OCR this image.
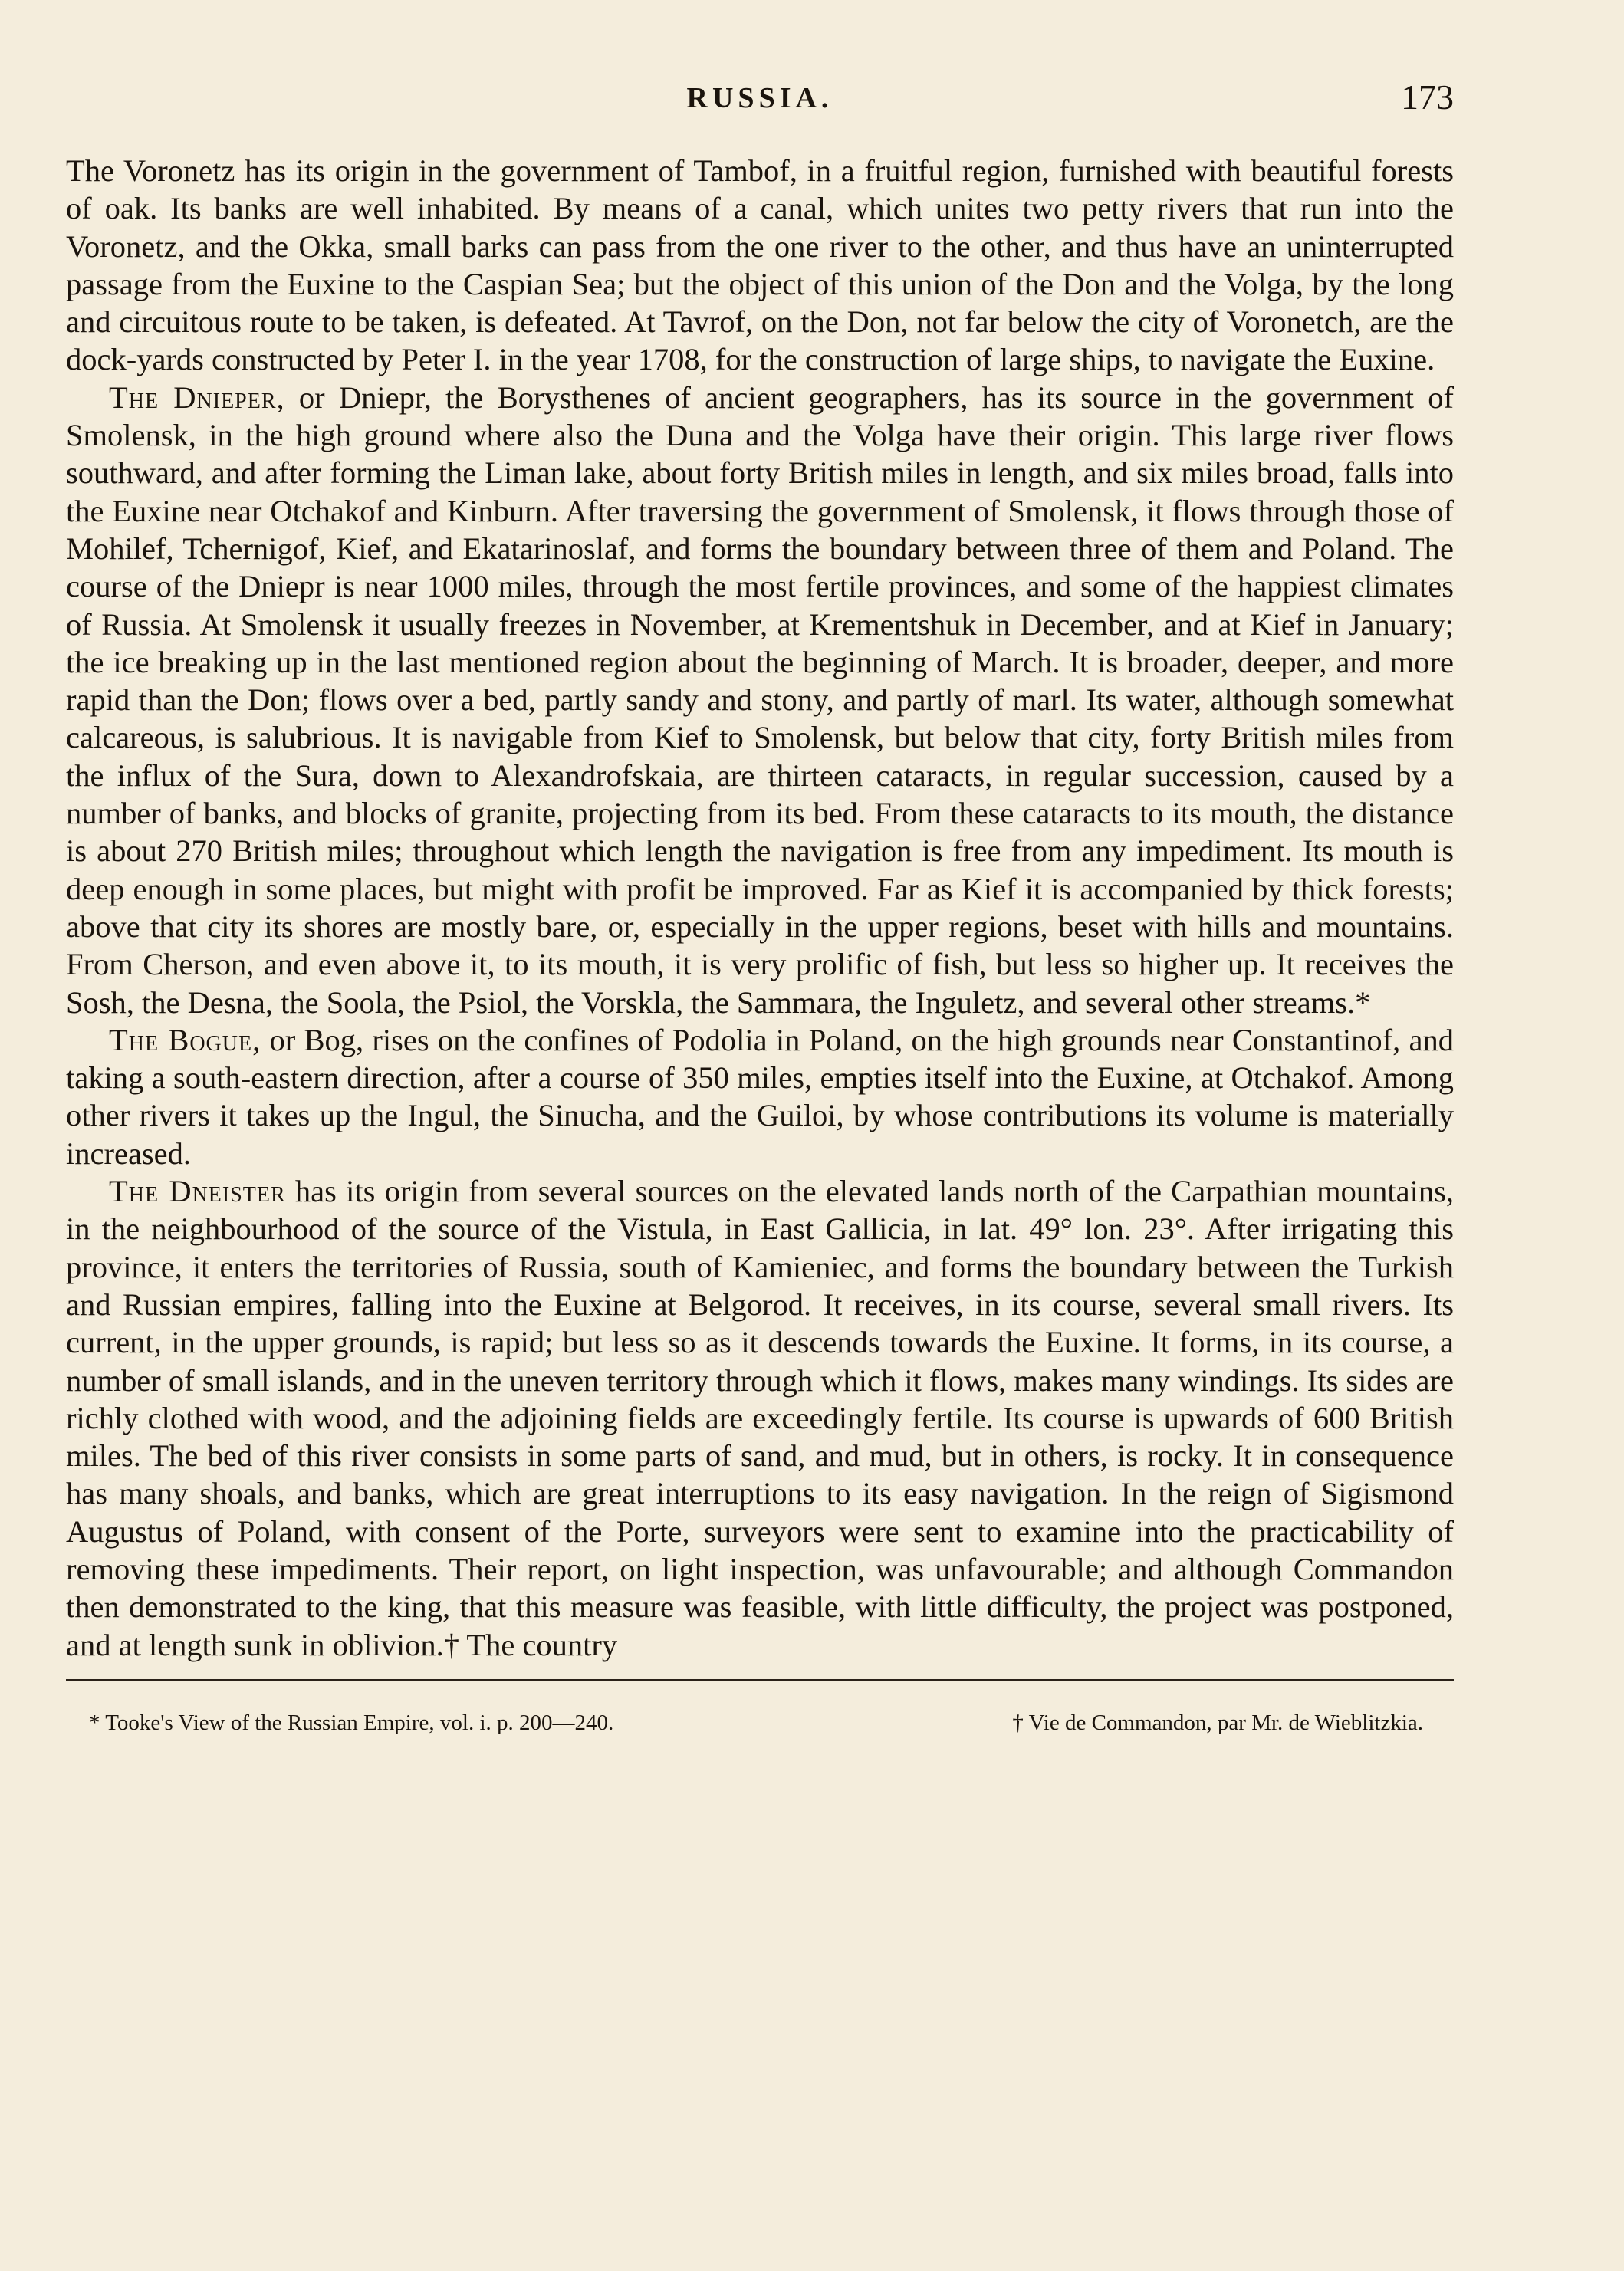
RUSSIA.	173

The Voronetz has its origin in the government of Tambof, in a fruitful region, furnished with beautiful forests of oak. Its banks are well inhabited. By means of a canal, which unites two petty rivers that run into the Voronetz, and the Okka, small barks can pass from the one river to the other, and thus have an uninterrupted passage from the Euxine to the Caspian Sea; but the object of this union of the Don and the Volga, by the long and circuitous route to be taken, is defeated. At Tavrof, on the Don, not far below the city of Voronetch, are the dock-yards constructed by Peter I. in the year 1708, for the construction of large ships, to navigate the Euxine.

The Dnieper, or Dniepr, the Borysthenes of ancient geographers, has its source in the government of Smolensk, in the high ground where also the Duna and the Volga have their origin. This large river flows southward, and after forming the Liman lake, about forty British miles in length, and six miles broad, falls into the Euxine near Otchakof and Kinburn. After traversing the government of Smolensk, it flows through those of Mohilef, Tchernigof, Kief, and Ekatarinoslaf, and forms the boundary between three of them and Poland. The course of the Dniepr is near 1000 miles, through the most fertile provinces, and some of the happiest climates of Russia. At Smolensk it usually freezes in November, at Krementshuk in December, and at Kief in January; the ice breaking up in the last mentioned region about the beginning of March. It is broader, deeper, and more rapid than the Don; flows over a bed, partly sandy and stony, and partly of marl. Its water, although somewhat calcareous, is salubrious. It is navigable from Kief to Smolensk, but below that city, forty British miles from the influx of the Sura, down to Alexandrofskaia, are thirteen cataracts, in regular succession, caused by a number of banks, and blocks of granite, projecting from its bed. From these cataracts to its mouth, the distance is about 270 British miles; throughout which length the navigation is free from any impediment. Its mouth is deep enough in some places, but might with profit be improved. Far as Kief it is accompanied by thick forests; above that city its shores are mostly bare, or, especially in the upper regions, beset with hills and mountains. From Cherson, and even above it, to its mouth, it is very prolific of fish, but less so higher up. It receives the Sosh, the Desna, the Soola, the Psiol, the Vorskla, the Sammara, the Inguletz, and several other streams.*

The Bogue, or Bog, rises on the confines of Podolia in Poland, on the high grounds near Constantinof, and taking a south-eastern direction, after a course of 350 miles, empties itself into the Euxine, at Otchakof. Among other rivers it takes up the Ingul, the Sinucha, and the Guiloi, by whose contributions its volume is materially increased.

The Dneister has its origin from several sources on the elevated lands north of the Carpathian mountains, in the neighbourhood of the source of the Vistula, in East Gallicia, in lat. 49° lon. 23°. After irrigating this province, it enters the territories of Russia, south of Kamieniec, and forms the boundary between the Turkish and Russian empires, falling into the Euxine at Belgorod. It receives, in its course, several small rivers. Its current, in the upper grounds, is rapid; but less so as it descends towards the Euxine. It forms, in its course, a number of small islands, and in the uneven territory through which it flows, makes many windings. Its sides are richly clothed with wood, and the adjoining fields are exceedingly fertile. Its course is upwards of 600 British miles. The bed of this river consists in some parts of sand, and mud, but in others, is rocky. It in consequence has many shoals, and banks, which are great interruptions to its easy navigation. In the reign of Sigismond Augustus of Poland, with consent of the Porte, surveyors were sent to examine into the practicability of removing these impediments. Their report, on light inspection, was unfavourable; and although Commandon then demonstrated to the king, that this measure was feasible, with little difficulty, the project was postponed, and at length sunk in oblivion.† The country

* Tooke's View of the Russian Empire, vol. i. p. 200—240.	† Vie de Commandon, par Mr. de Wieblitzkia.
